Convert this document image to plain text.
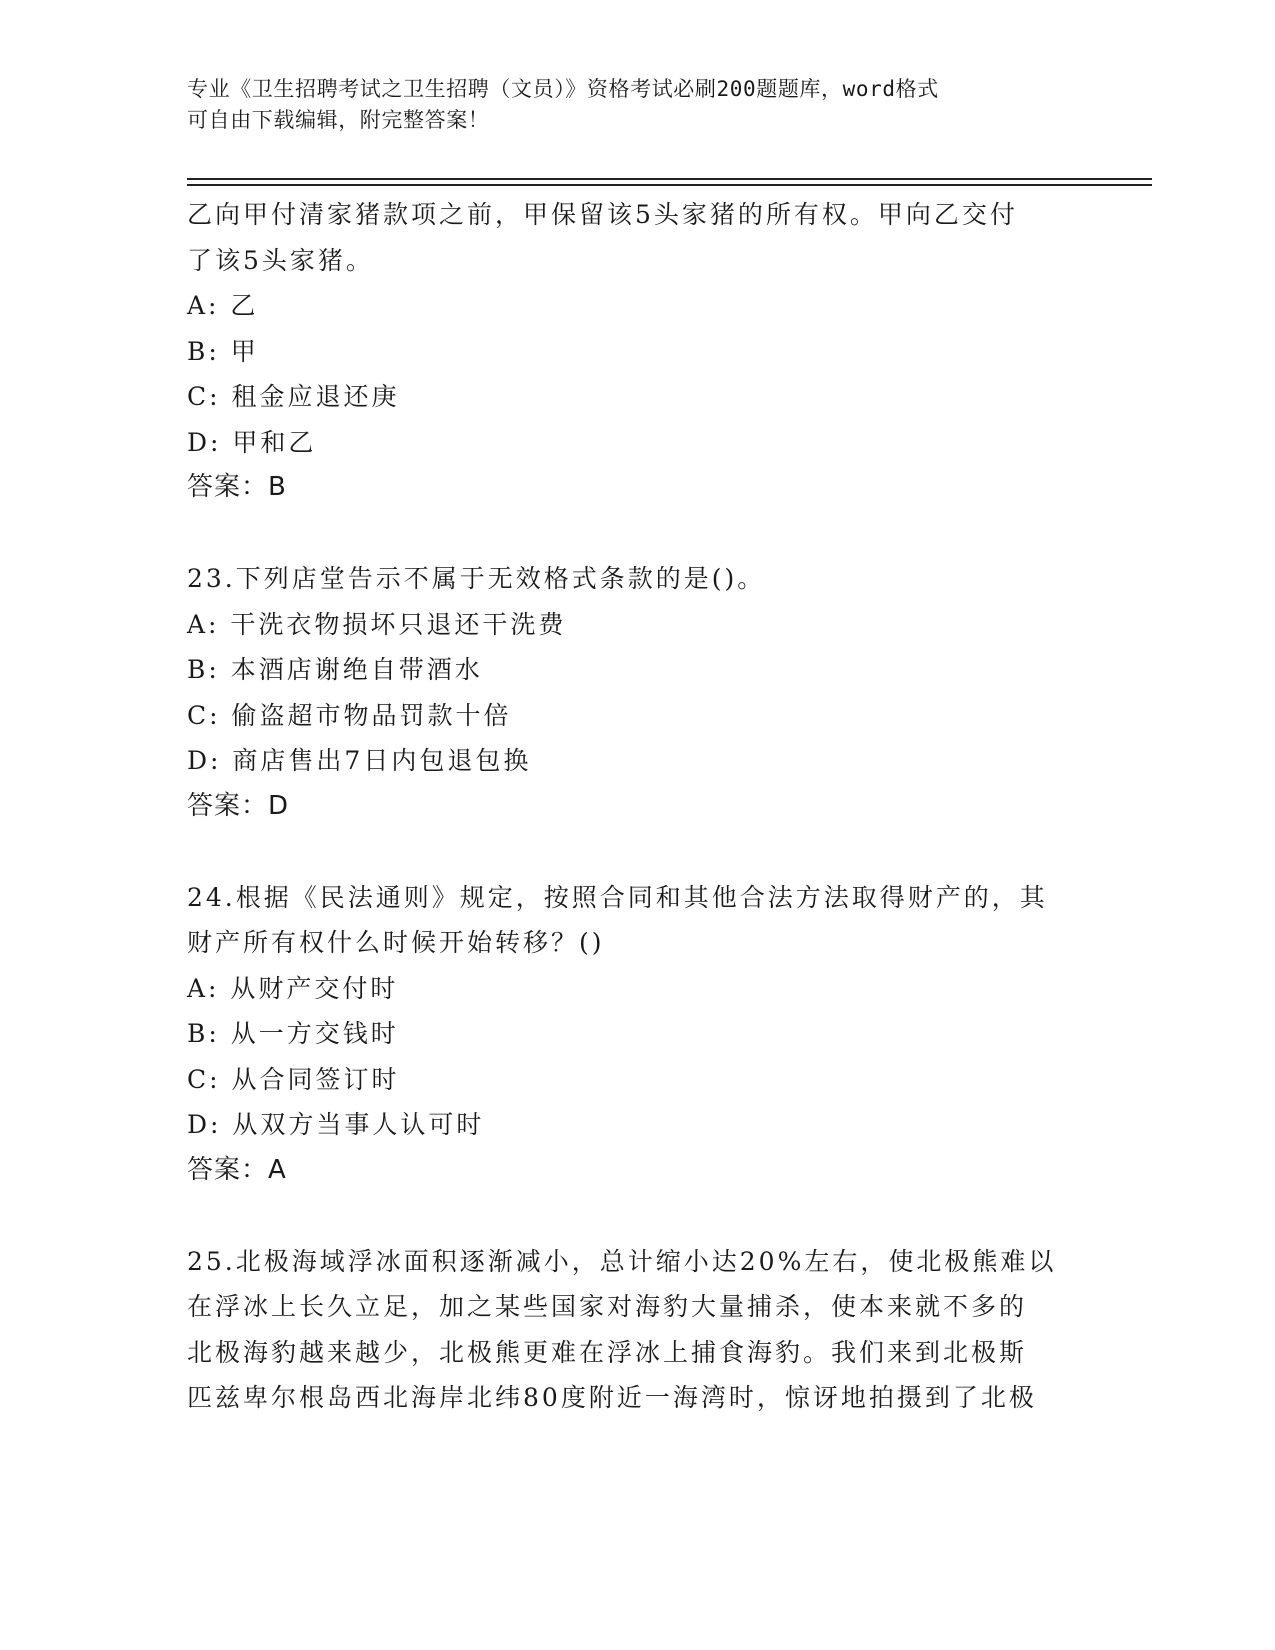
专业《卫生招聘考试之卫生招聘（文员）》资格考试必刷200题题库，word格式
可自由下载编辑，附完整答案！
乙向甲付清家猪款项之前，甲保留该5头家猪的所有权。甲向乙交付
了该5头家猪。
A: 乙
B: 甲
C: 租金应退还庚
D: 甲和乙
答案：B
23.下列店堂告示不属于无效格式条款的是()。
A: 干洗衣物损坏只退还干洗费
B: 本酒店谢绝自带酒水
C: 偷盗超市物品罚款十倍
D: 商店售出7日内包退包换
答案：D
24.根据《民法通则》规定，按照合同和其他合法方法取得财产的，其
财产所有权什么时候开始转移？()
A: 从财产交付时
B: 从一方交钱时
C: 从合同签订时
D: 从双方当事人认可时
答案：A
25.北极海域浮冰面积逐渐减小，总计缩小达20%左右，使北极熊难以
在浮冰上长久立足，加之某些国家对海豹大量捕杀，使本来就不多的
北极海豹越来越少，北极熊更难在浮冰上捕食海豹。我们来到北极斯
匹兹卑尔根岛西北海岸北纬80度附近一海湾时，惊讶地拍摄到了北极
